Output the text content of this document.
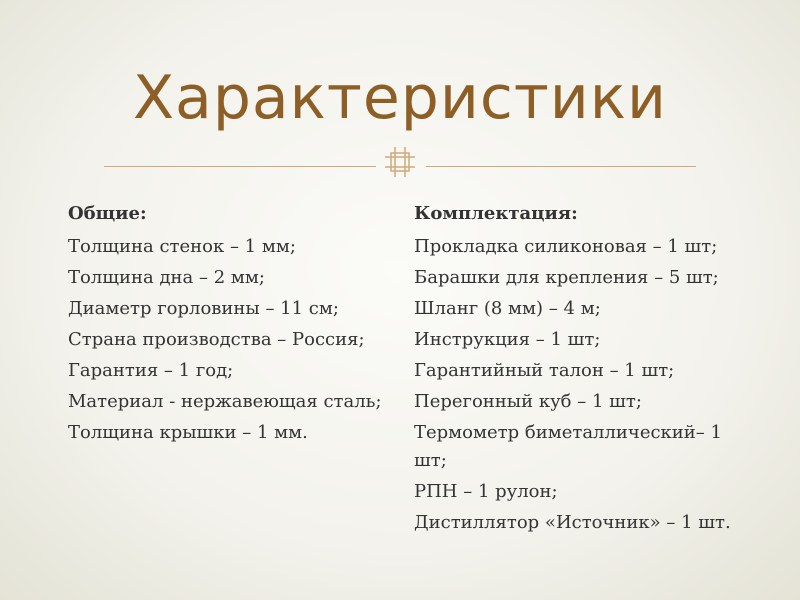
Характеристики
Общие:
Толщина стенок – 1 мм;
Толщина дна – 2 мм;
Диаметр горловины – 11 см;
Страна производства – Россия;
Гарантия – 1 год;
Материал - нержавеющая сталь;
Толщина крышки – 1 мм.
Комплектация:
Прокладка силиконовая – 1 шт;
Барашки для крепления – 5 шт;
Шланг (8 мм) – 4 м;
Инструкция – 1 шт;
Гарантийный талон – 1 шт;
Перегонный куб – 1 шт;
Термометр биметаллический– 1 шт;
РПН – 1 рулон;
Дистиллятор «Источник» – 1 шт.
